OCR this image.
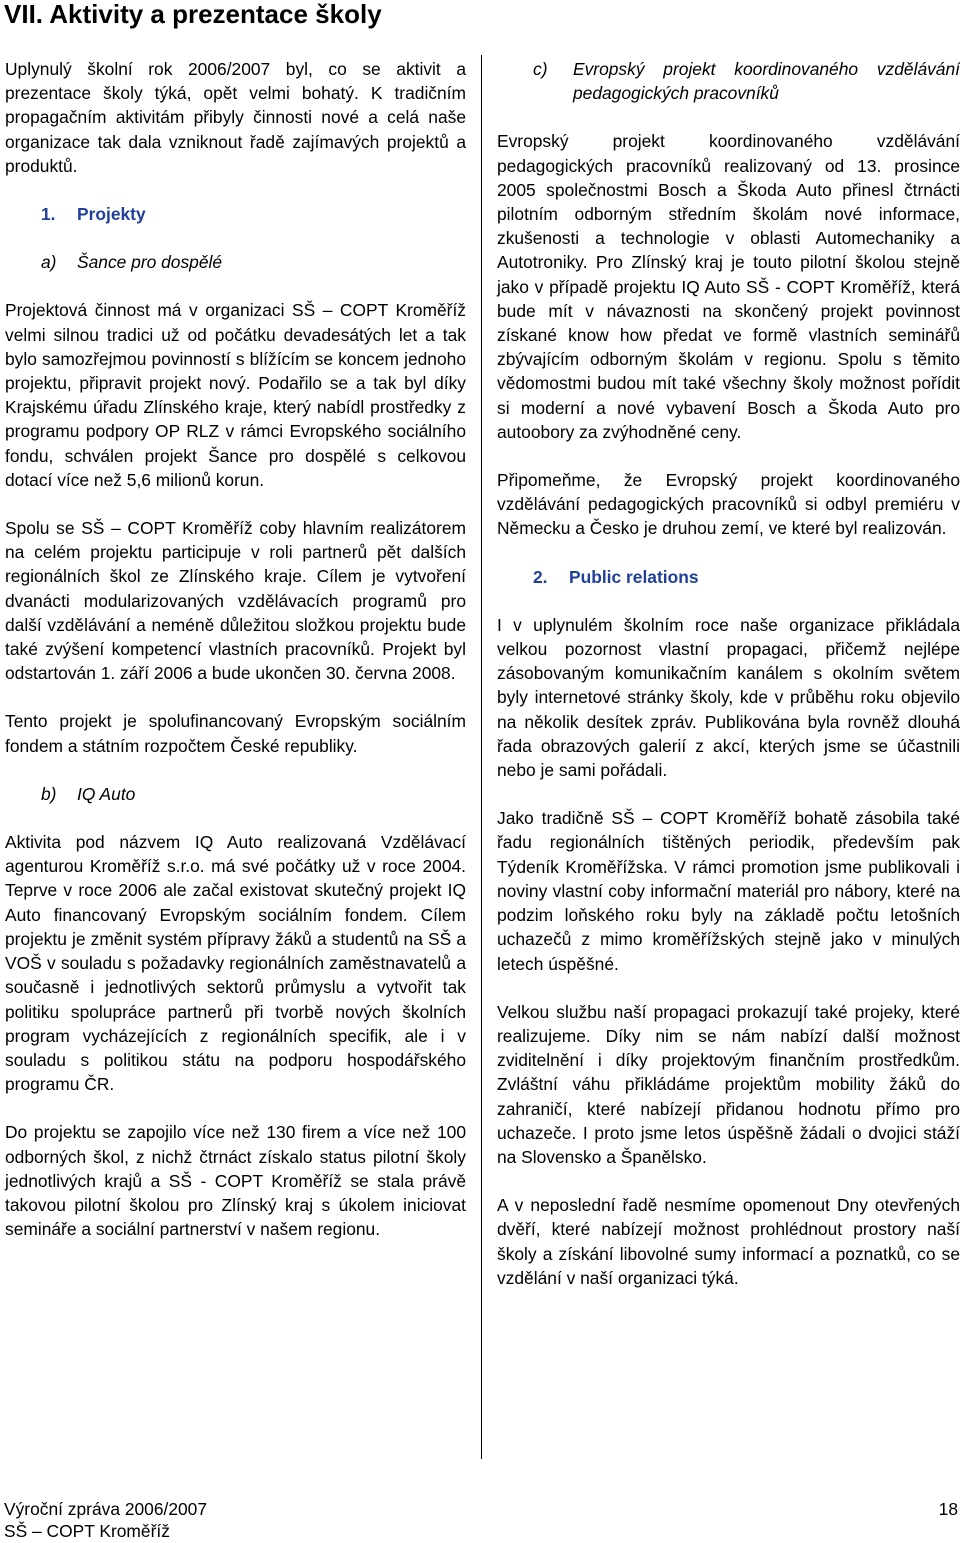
VII. Aktivity a prezentace školy

Uplynulý školní rok 2006/2007 byl, co se aktivit a prezentace školy týká, opět velmi bohatý. K tradičním propagačním aktivitám přibyly činnosti nové a celá naše organizace tak dala vzniknout řadě zajímavých projektů a produktů.

1. Projekty
a) Šance pro dospělé

Projektová činnost má v organizaci SŠ – COPT Kroměříž velmi silnou tradici už od počátku devadesátých let a tak bylo samozřejmou povinností s blížícím se koncem jednoho projektu, připravit projekt nový. Podařilo se a tak byl díky Krajskému úřadu Zlínského kraje, který nabídl prostředky z programu podpory OP RLZ v rámci Evropského sociálního fondu, schválen projekt Šance pro dospělé s celkovou dotací více než 5,6 milionů korun.

Spolu se SŠ – COPT Kroměříž coby hlavním realizátorem na celém projektu participuje v roli partnerů pět dalších regionálních škol ze Zlínského kraje. Cílem je vytvoření dvanácti modularizovaných vzdělávacích programů pro další vzdělávání a neméně důležitou složkou projektu bude také zvýšení kompetencí vlastních pracovníků. Projekt byl odstartován 1. září 2006 a bude ukončen 30. června 2008.

Tento projekt je spolufinancovaný Evropským sociálním fondem a státním rozpočtem České republiky.

b) IQ Auto

Aktivita pod názvem IQ Auto realizovaná Vzdělávací agenturou Kroměříž s.r.o. má své počátky už v roce 2004. Teprve v roce 2006 ale začal existovat skutečný projekt IQ Auto financovaný Evropským sociálním fondem. Cílem projektu je změnit systém přípravy žáků a studentů na SŠ a VOŠ v souladu s požadavky regionálních zaměstnavatelů a současně i jednotlivých sektorů průmyslu a vytvořit tak politiku spolupráce partnerů při tvorbě nových školních program vycházejících z regionálních specifik, ale i v souladu s politikou státu na podporu hospodářského programu ČR.

Do projektu se zapojilo více než 130 firem a více než 100 odborných škol, z nichž čtrnáct získalo status pilotní školy jednotlivých krajů a SŠ - COPT Kroměříž se stala právě takovou pilotní školou pro Zlínský kraj s úkolem iniciovat semináře a sociální partnerství v našem regionu.

c) Evropský projekt koordinovaného vzdělávání pedagogických pracovníků

Evropský projekt koordinovaného vzdělávání pedagogických pracovníků realizovaný od 13. prosince 2005 společnostmi Bosch a Škoda Auto přinesl čtrnácti pilotním odborným středním školám nové informace, zkušenosti a technologie v oblasti Automechaniky a Autotroniky. Pro Zlínský kraj je touto pilotní školou stejně jako v případě projektu IQ Auto SŠ - COPT Kroměříž, která bude mít v návaznosti na skončený projekt povinnost získané know how předat ve formě vlastních seminářů zbývajícím odborným školám v regionu. Spolu s těmito vědomostmi budou mít také všechny školy možnost pořídit si moderní a nové vybavení Bosch a Škoda Auto pro autoobory za zvýhodněné ceny.

Připomeňme, že Evropský projekt koordinovaného vzdělávání pedagogických pracovníků si odbyl premiéru v Německu a Česko je druhou zemí, ve které byl realizován.

2. Public relations

I v uplynulém školním roce naše organizace přikládala velkou pozornost vlastní propagaci, přičemž nejlépe zásobovaným komunikačním kanálem s okolním světem byly internetové stránky školy, kde v průběhu roku objevilo na několik desítek zpráv. Publikována byla rovněž dlouhá řada obrazových galerií z akcí, kterých jsme se účastnili nebo je sami pořádali.

Jako tradičně SŠ – COPT Kroměříž bohatě zásobila také řadu regionálních tištěných periodik, především pak Týdeník Kroměřížska. V rámci promotion jsme publikovali i noviny vlastní coby informační materiál pro nábory, které na podzim loňského roku byly na základě počtu letošních uchazečů z mimo kroměřížských stejně jako v minulých letech úspěšné.

Velkou službu naší propagaci prokazují také projeky, které realizujeme. Díky nim se nám nabízí další možnost zviditelnění i díky projektovým finančním prostředkům. Zvláštní váhu přikládáme projektům mobility žáků do zahraničí, které nabízejí přidanou hodnotu přímo pro uchazeče. I proto jsme letos úspěšně žádali o dvojici stáží na Slovensko a Španělsko.

A v neposlední řadě nesmíme opomenout Dny otevřených dvěří, které nabízejí možnost prohlédnout prostory naší školy a získání libovolné sumy informací a poznatků, co se vzdělání v naší organizaci týká.

Výroční zpráva 2006/2007
SŠ – COPT Kroměříž
18
